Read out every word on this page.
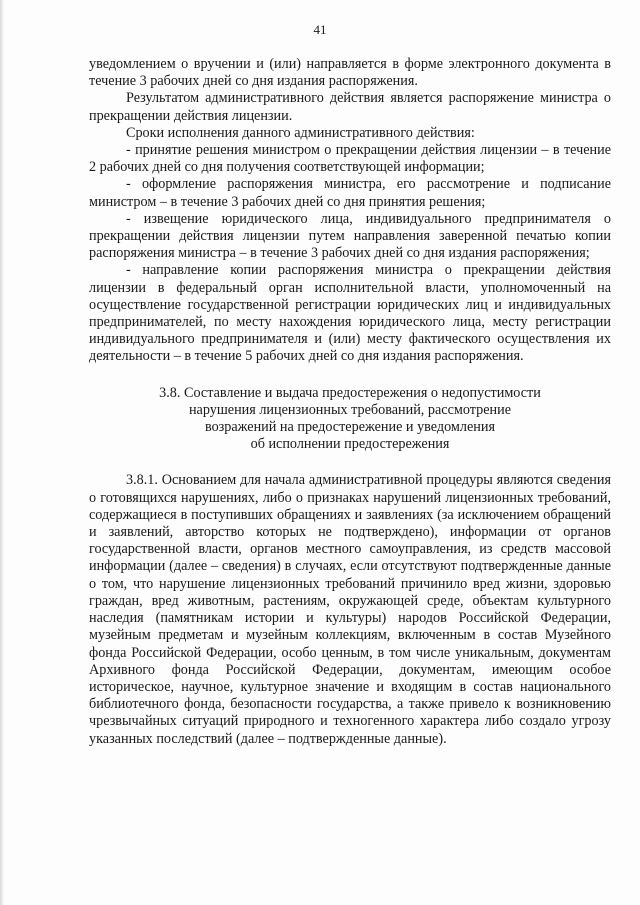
41

уведомлением о вручении и (или) направляется в форме электронного документа в течение 3 рабочих дней со дня издания распоряжения.

Результатом административного действия является распоряжение министра о прекращении действия лицензии.

Сроки исполнения данного административного действия:

- принятие решения министром о прекращении действия лицензии – в течение 2 рабочих дней со дня получения соответствующей информации;

- оформление распоряжения министра, его рассмотрение и подписание министром – в течение 3 рабочих дней со дня принятия решения;

- извещение юридического лица, индивидуального предпринимателя о прекращении действия лицензии путем направления заверенной печатью копии распоряжения министра – в течение 3 рабочих дней со дня издания распоряжения;

- направление копии распоряжения министра о прекращении действия лицензии в федеральный орган исполнительной власти, уполномоченный на осуществление государственной регистрации юридических лиц и индивидуальных предпринимателей, по месту нахождения юридического лица, месту регистрации индивидуального предпринимателя и (или) месту фактического осуществления их деятельности – в течение 5 рабочих дней со дня издания распоряжения.

3.8. Составление и выдача предостережения о недопустимости
нарушения лицензионных требований, рассмотрение
возражений на предостережение и уведомления
об исполнении предостережения

3.8.1. Основанием для начала административной процедуры являются сведения о готовящихся нарушениях, либо о признаках нарушений лицензионных требований, содержащиеся в поступивших обращениях и заявлениях (за исключением обращений и заявлений, авторство которых не подтверждено), информации от органов государственной власти, органов местного самоуправления, из средств массовой информации (далее – сведения) в случаях, если отсутствуют подтвержденные данные о том, что нарушение лицензионных требований причинило вред жизни, здоровью граждан, вред животным, растениям, окружающей среде, объектам культурного наследия (памятникам истории и культуры) народов Российской Федерации, музейным предметам и музейным коллекциям, включенным в состав Музейного фонда Российской Федерации, особо ценным, в том числе уникальным, документам Архивного фонда Российской Федерации, документам, имеющим особое историческое, научное, культурное значение и входящим в состав национального библиотечного фонда, безопасности государства, а также привело к возникновению чрезвычайных ситуаций природного и техногенного характера либо создало угрозу указанных последствий (далее – подтвержденные данные).
